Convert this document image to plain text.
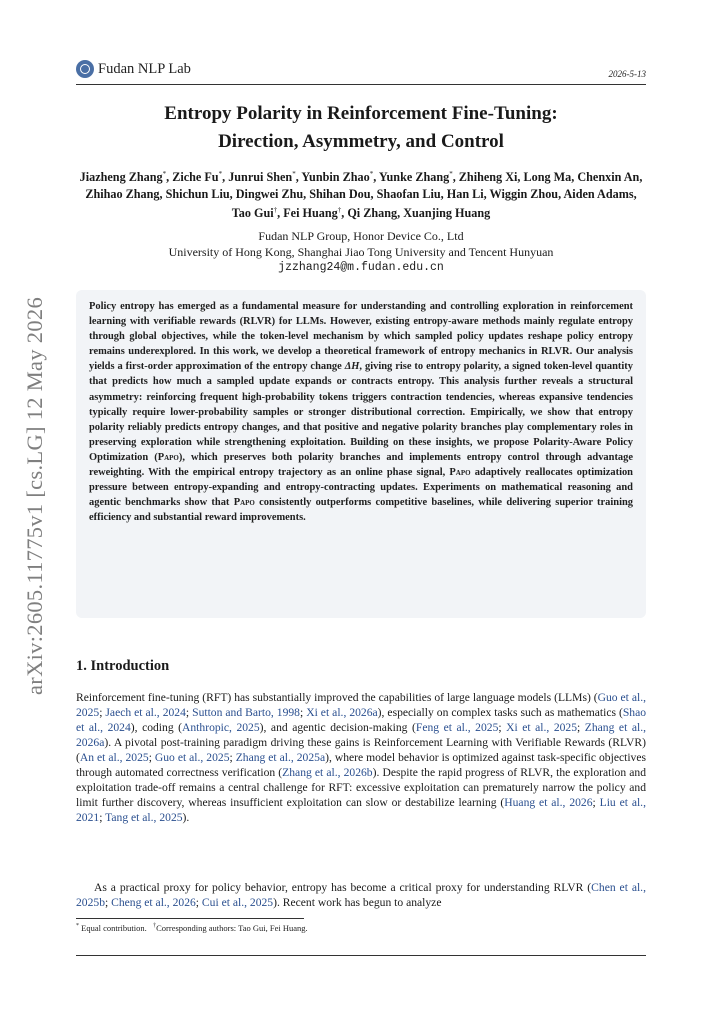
Fudan NLP Lab	2026-5-13
arXiv:2605.11775v1 [cs.LG] 12 May 2026
Entropy Polarity in Reinforcement Fine-Tuning:
Direction, Asymmetry, and Control
Jiazheng Zhang*, Ziche Fu*, Junrui Shen*, Yunbin Zhao*, Yunke Zhang*, Zhiheng Xi, Long Ma, Chenxin An, Zhihao Zhang, Shichun Liu, Dingwei Zhu, Shihan Dou, Shaofan Liu, Han Li, Wiggin Zhou, Aiden Adams, Tao Gui†, Fei Huang†, Qi Zhang, Xuanjing Huang
Fudan NLP Group, Honor Device Co., Ltd
University of Hong Kong, Shanghai Jiao Tong University and Tencent Hunyuan
jzzhang24@m.fudan.edu.cn

Policy entropy has emerged as a fundamental measure for understanding and controlling exploration in reinforcement learning with verifiable rewards (RLVR) for LLMs. However, existing entropy-aware methods mainly regulate entropy through global objectives, while the token-level mechanism by which sampled policy updates reshape policy entropy remains underexplored. In this work, we develop a theoretical framework of entropy mechanics in RLVR. Our analysis yields a first-order approximation of the entropy change ΔH, giving rise to entropy polarity, a signed token-level quantity that predicts how much a sampled update expands or contracts entropy. This analysis further reveals a structural asymmetry: reinforcing frequent high-probability tokens triggers contraction tendencies, whereas expansive tendencies typically require lower-probability samples or stronger distributional correction. Empirically, we show that entropy polarity reliably predicts entropy changes, and that positive and negative polarity branches play complementary roles in preserving exploration while strengthening exploitation. Building on these insights, we propose Polarity-Aware Policy Optimization (Papo), which preserves both polarity branches and implements entropy control through advantage reweighting. With the empirical entropy trajectory as an online phase signal, Papo adaptively reallocates optimization pressure between entropy-expanding and entropy-contracting updates. Experiments on mathematical reasoning and agentic benchmarks show that Papo consistently outperforms competitive baselines, while delivering superior training efficiency and substantial reward improvements.

1. Introduction

Reinforcement fine-tuning (RFT) has substantially improved the capabilities of large language models (LLMs) (Guo et al., 2025; Jaech et al., 2024; Sutton and Barto, 1998; Xi et al., 2026a), especially on complex tasks such as mathematics (Shao et al., 2024), coding (Anthropic, 2025), and agentic decision-making (Feng et al., 2025; Xi et al., 2025; Zhang et al., 2026a). A pivotal post-training paradigm driving these gains is Reinforcement Learning with Verifiable Rewards (RLVR) (An et al., 2025; Guo et al., 2025; Zhang et al., 2025a), where model behavior is optimized against task-specific objectives through automated correctness verification (Zhang et al., 2026b). Despite the rapid progress of RLVR, the exploration and exploitation trade-off remains a central challenge for RFT: excessive exploitation can prematurely narrow the policy and limit further discovery, whereas insufficient exploitation can slow or destabilize learning (Huang et al., 2026; Liu et al., 2021; Tang et al., 2025).

As a practical proxy for policy behavior, entropy has become a critical proxy for understanding RLVR (Chen et al., 2025b; Cheng et al., 2026; Cui et al., 2025). Recent work has begun to analyze

* Equal contribution. †Corresponding authors: Tao Gui, Fei Huang.
